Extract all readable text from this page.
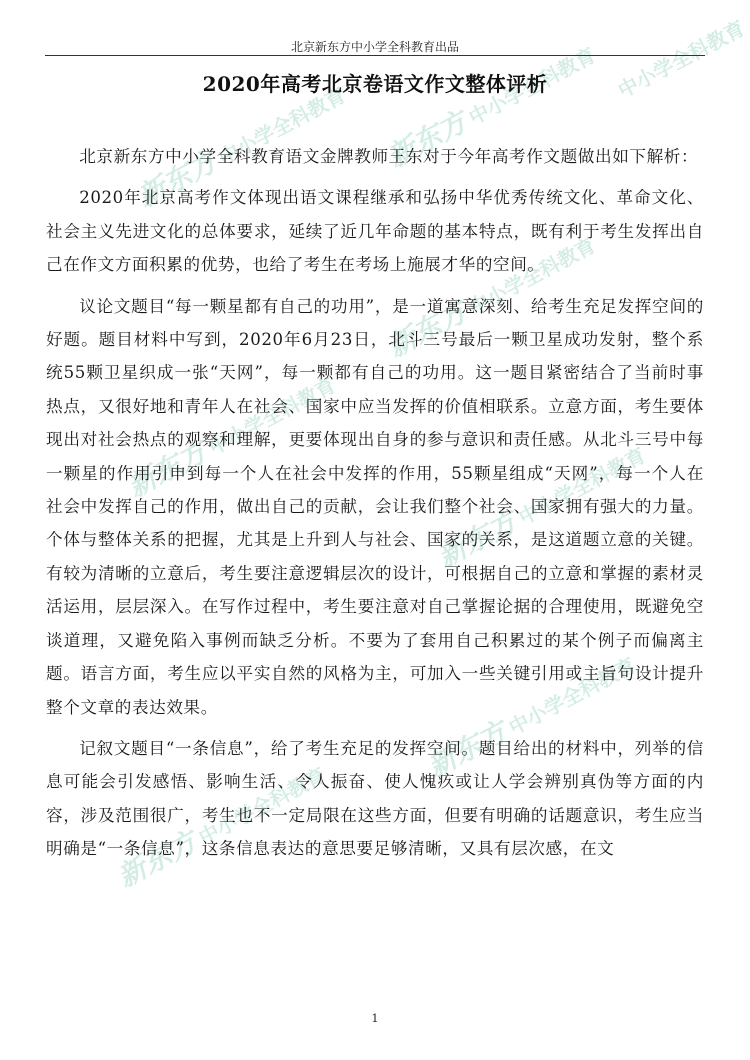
中小学全科教育
新东方 中小学全科教育
新东方 中小学全科教育
新东方 中小学全科教育
新东方 中小学全科教育
新东方 中小学全科教育
新东方 中小学全科教育
新东方 中小学全科教育
北京新东方中小学全科教育出品
2020年高考北京卷语文作文整体评析

北京新东方中小学全科教育语文金牌教师王东对于今年高考作文题做出如下解析：

2020年北京高考作文体现出语文课程继承和弘扬中华优秀传统文化、革命文化、社会主义先进文化的总体要求，延续了近几年命题的基本特点，既有利于考生发挥出自己在作文方面积累的优势，也给了考生在考场上施展才华的空间。

议论文题目“每一颗星都有自己的功用”，是一道寓意深刻、给考生充足发挥空间的好题。题目材料中写到，2020年6月23日，北斗三号最后一颗卫星成功发射，整个系统55颗卫星织成一张“天网”，每一颗都有自己的功用。这一题目紧密结合了当前时事热点，又很好地和青年人在社会、国家中应当发挥的价值相联系。立意方面，考生要体现出对社会热点的观察和理解，更要体现出自身的参与意识和责任感。从北斗三号中每一颗星的作用引申到每一个人在社会中发挥的作用，55颗星组成“天网”，每一个人在社会中发挥自己的作用，做出自己的贡献，会让我们整个社会、国家拥有强大的力量。个体与整体关系的把握，尤其是上升到人与社会、国家的关系，是这道题立意的关键。有较为清晰的立意后，考生要注意逻辑层次的设计，可根据自己的立意和掌握的素材灵活运用，层层深入。在写作过程中，考生要注意对自己掌握论据的合理使用，既避免空谈道理，又避免陷入事例而缺乏分析。不要为了套用自己积累过的某个例子而偏离主题。语言方面，考生应以平实自然的风格为主，可加入一些关键引用或主旨句设计提升整个文章的表达效果。

记叙文题目“一条信息”，给了考生充足的发挥空间。题目给出的材料中，列举的信息可能会引发感悟、影响生活、令人振奋、使人愧疚或让人学会辨别真伪等方面的内容，涉及范围很广，考生也不一定局限在这些方面，但要有明确的话题意识，考生应当明确是“一条信息”，这条信息表达的意思要足够清晰，又具有层次感，在文

1
